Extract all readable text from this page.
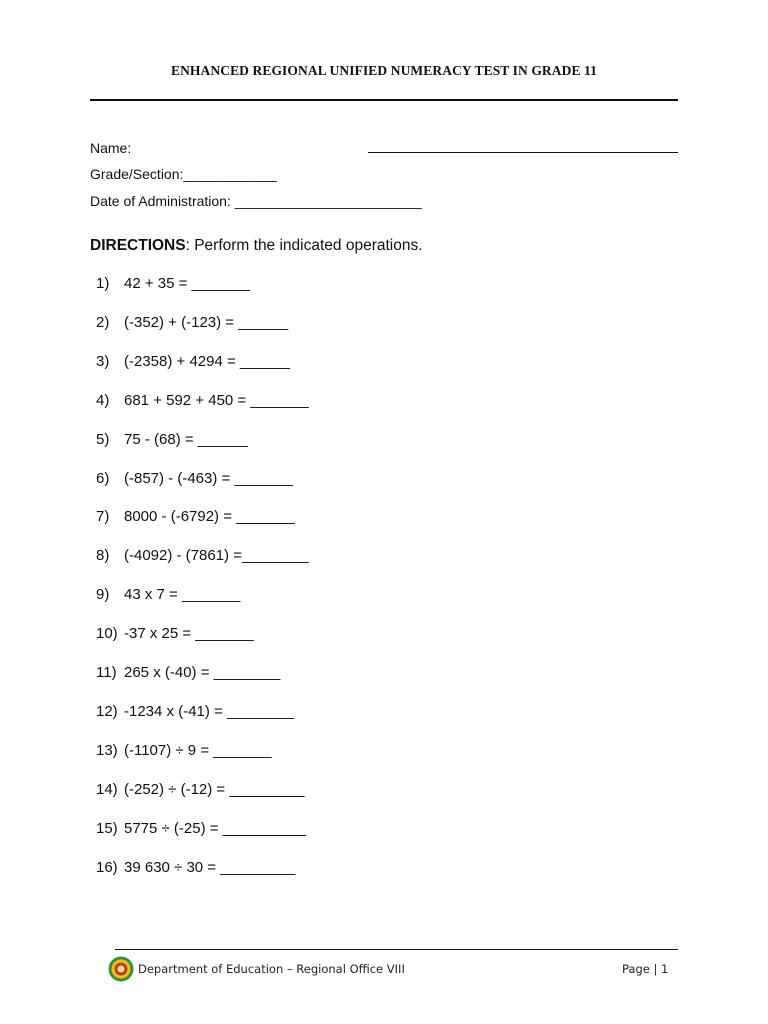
ENHANCED REGIONAL UNIFIED NUMERACY TEST IN GRADE 11
Name:
Grade/Section:____________
Date of Administration: ________________________
DIRECTIONS: Perform the indicated operations.
1) 42 + 35 = _______
2) (-352) + (-123) = ______
3) (-2358) + 4294 = ______
4) 681 + 592 + 450 = _______
5) 75 - (68) = ______
6) (-857) - (-463) = _______
7) 8000 - (-6792) = _______
8) (-4092) - (7861) =________
9) 43 x 7 = _______
10) -37 x 25 = _______
11) 265 x (-40) = ________
12) -1234 x (-41) = ________
13) (-1107) ÷ 9 = _______
14) (-252) ÷ (-12) = _________
15) 5775 ÷ (-25) = __________
16) 39 630 ÷ 30 = _________
Department of Education – Regional Office VIII	Page | 1
